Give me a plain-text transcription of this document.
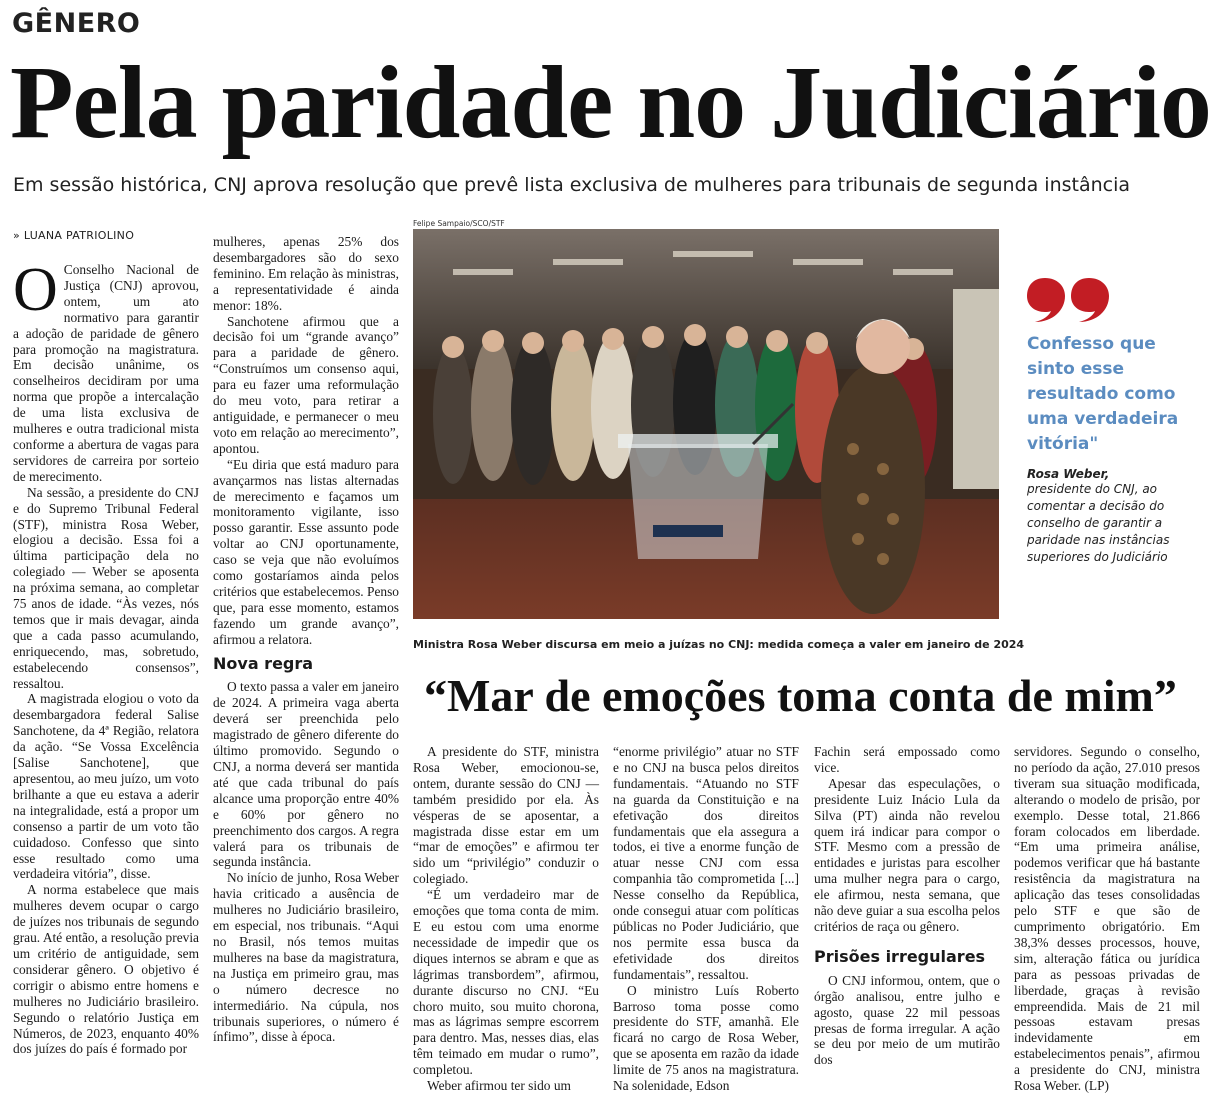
GÊNERO
Pela paridade no Judiciário
Em sessão histórica, CNJ aprova resolução que prevê lista exclusiva de mulheres para tribunais de segunda instância
» LUANA PATRIOLINO
O Conselho Nacional de Justiça (CNJ) aprovou, ontem, um ato normativo para garantir a adoção de paridade de gênero para promoção na magistratura. Em decisão unânime, os conselheiros decidiram por uma norma que propõe a intercalação de uma lista exclusiva de mulheres e outra tradicional mista conforme a abertura de vagas para servidores de carreira por sorteio de merecimento.

Na sessão, a presidente do CNJ e do Supremo Tribunal Federal (STF), ministra Rosa Weber, elogiou a decisão. Essa foi a última participação dela no colegiado — Weber se aposenta na próxima semana, ao completar 75 anos de idade. “Às vezes, nós temos que ir mais devagar, ainda que a cada passo acumulando, enriquecendo, mas, sobretudo, estabelecendo consensos”, ressaltou.

A magistrada elogiou o voto da desembargadora federal Salise Sanchotene, da 4ª Região, relatora da ação. “Se Vossa Excelência [Salise Sanchotene], que apresentou, ao meu juízo, um voto brilhante a que eu estava a aderir na integralidade, está a propor um consenso a partir de um voto tão cuidadoso. Confesso que sinto esse resultado como uma verdadeira vitória”, disse.

A norma estabelece que mais mulheres devem ocupar o cargo de juízes nos tribunais de segundo grau. Até então, a resolução previa um critério de antiguidade, sem considerar gênero. O objetivo é corrigir o abismo entre homens e mulheres no Judiciário brasileiro. Segundo o relatório Justiça em Números, de 2023, enquanto 40% dos juízes do país é formado por

mulheres, apenas 25% dos desembargadores são do sexo feminino. Em relação às ministras, a representatividade é ainda menor: 18%.

Sanchotene afirmou que a decisão foi um “grande avanço” para a paridade de gênero. “Construímos um consenso aqui, para eu fazer uma reformulação do meu voto, para retirar a antiguidade, e permanecer o meu voto em relação ao merecimento”, apontou.

“Eu diria que está maduro para avançarmos nas listas alternadas de merecimento e façamos um monitoramento vigilante, isso posso garantir. Esse assunto pode voltar ao CNJ oportunamente, caso se veja que não evoluímos como gostaríamos ainda pelos critérios que estabelecemos. Penso que, para esse momento, estamos fazendo um grande avanço”, afirmou a relatora.

Nova regra

O texto passa a valer em janeiro de 2024. A primeira vaga aberta deverá ser preenchida pelo magistrado de gênero diferente do último promovido. Segundo o CNJ, a norma deverá ser mantida até que cada tribunal do país alcance uma proporção entre 40% e 60% por gênero no preenchimento dos cargos. A regra valerá para os tribunais de segunda instância.

No início de junho, Rosa Weber havia criticado a ausência de mulheres no Judiciário brasileiro, em especial, nos tribunais. “Aqui no Brasil, nós temos muitas mulheres na base da magistratura, na Justiça em primeiro grau, mas o número decresce no intermediário. Na cúpula, nos tribunais superiores, o número é ínfimo”, disse à época.

Felipe Sampaio/SCO/STF
Ministra Rosa Weber discursa em meio a juízas no CNJ: medida começa a valer em janeiro de 2024
Confesso que sinto esse resultado como uma verdadeira vitória"
Rosa Weber,
presidente do CNJ, ao comentar a decisão do conselho de garantir a paridade nas instâncias superiores do Judiciário
“Mar de emoções toma conta de mim”

A presidente do STF, ministra Rosa Weber, emocionou-se, ontem, durante sessão do CNJ — também presidido por ela. Às vésperas de se aposentar, a magistrada disse estar em um “mar de emoções” e afirmou ter sido um “privilégio” conduzir o colegiado.

“É um verdadeiro mar de emoções que toma conta de mim. E eu estou com uma enorme necessidade de impedir que os diques internos se abram e que as lágrimas transbordem”, afirmou, durante discurso no CNJ. “Eu choro muito, sou muito chorona, mas as lágrimas sempre escorrem para dentro. Mas, nesses dias, elas têm teimado em mudar o rumo”, completou.

Weber afirmou ter sido um

“enorme privilégio” atuar no STF e no CNJ na busca pelos direitos fundamentais. “Atuando no STF na guarda da Constituição e na efetivação dos direitos fundamentais que ela assegura a todos, ei tive a enorme função de atuar nesse CNJ com essa companhia tão comprometida [...] Nesse conselho da República, onde consegui atuar com políticas públicas no Poder Judiciário, que nos permite essa busca da efetividade dos direitos fundamentais”, ressaltou.

O ministro Luís Roberto Barroso toma posse como presidente do STF, amanhã. Ele ficará no cargo de Rosa Weber, que se aposenta em razão da idade limite de 75 anos na magistratura. Na solenidade, Edson

Fachin será empossado como vice.

Apesar das especulações, o presidente Luiz Inácio Lula da Silva (PT) ainda não revelou quem irá indicar para compor o STF. Mesmo com a pressão de entidades e juristas para escolher uma mulher negra para o cargo, ele afirmou, nesta semana, que não deve guiar a sua escolha pelos critérios de raça ou gênero.

Prisões irregulares

O CNJ informou, ontem, que o órgão analisou, entre julho e agosto, quase 22 mil pessoas presas de forma irregular. A ação se deu por meio de um mutirão dos

servidores. Segundo o conselho, no período da ação, 27.010 presos tiveram sua situação modificada, alterando o modelo de prisão, por exemplo. Desse total, 21.866 foram colocados em liberdade. “Em uma primeira análise, podemos verificar que há bastante resistência da magistratura na aplicação das teses consolidadas pelo STF e que são de cumprimento obrigatório. Em 38,3% desses processos, houve, sim, alteração fática ou jurídica para as pessoas privadas de liberdade, graças à revisão empreendida. Mais de 21 mil pessoas estavam presas indevidamente em estabelecimentos penais”, afirmou a presidente do CNJ, ministra Rosa Weber. (LP)
